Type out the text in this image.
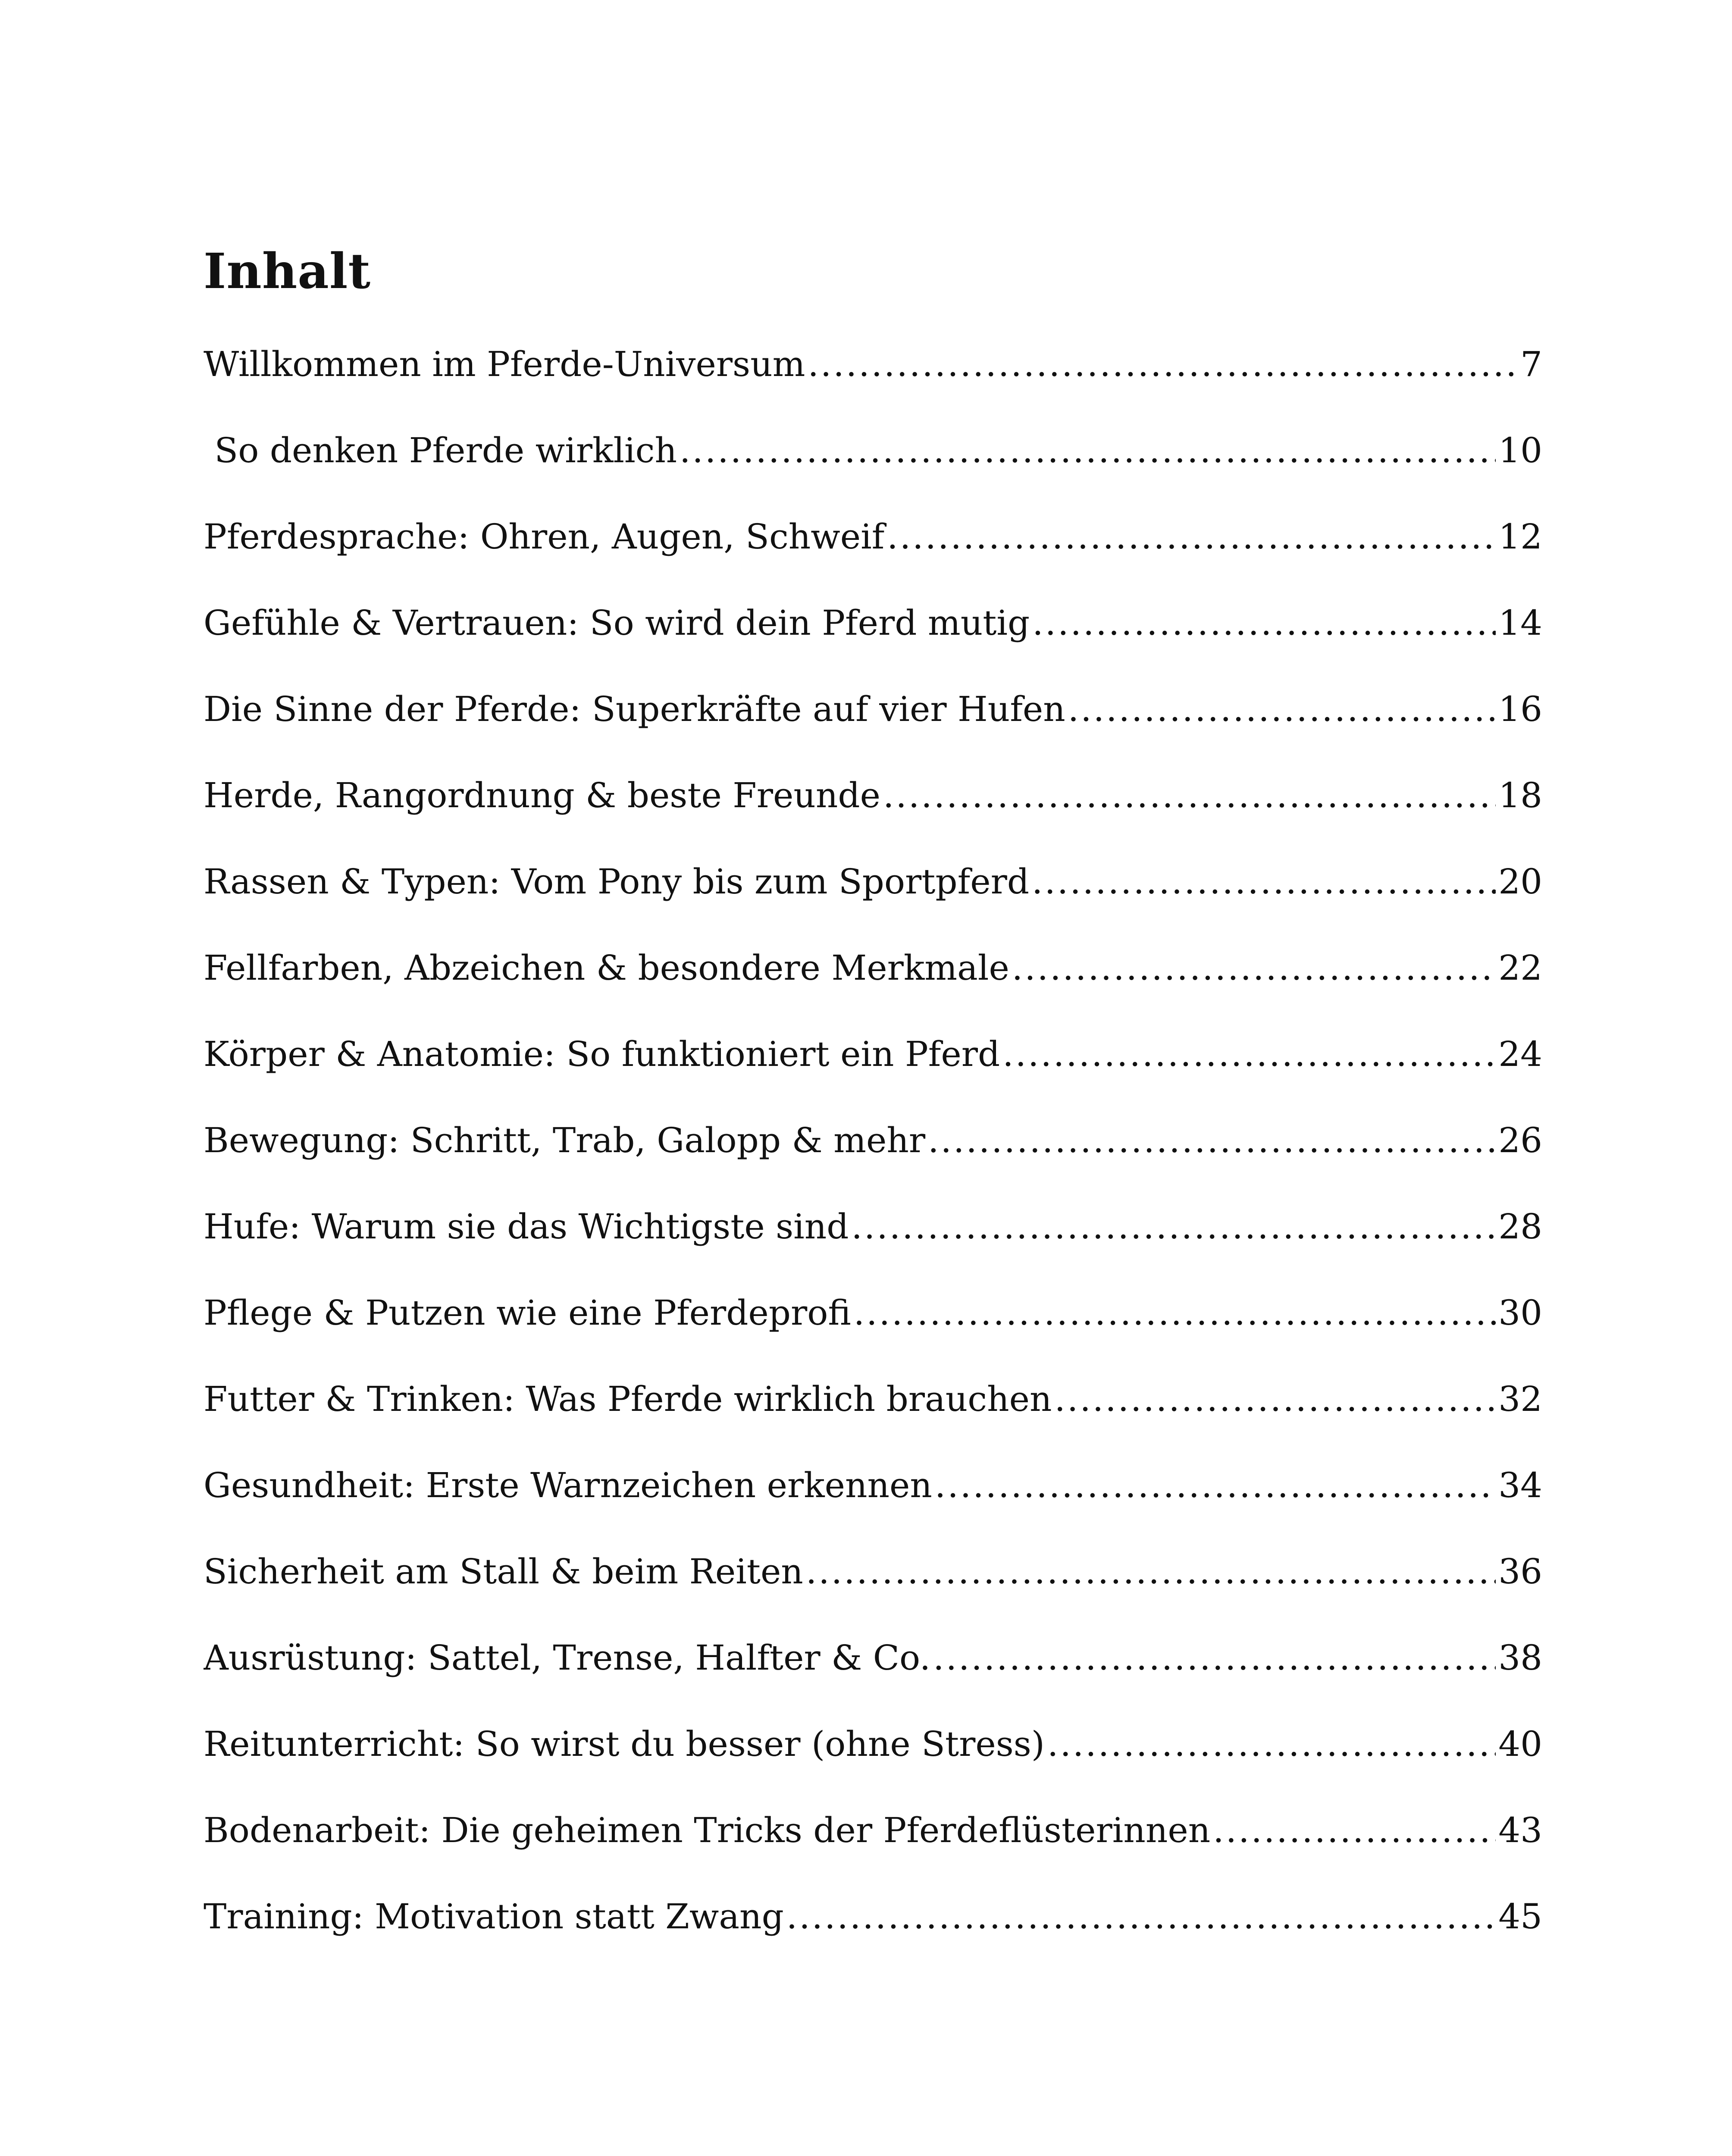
Inhalt
Willkommen im Pferde-Universum .....	7
So denken Pferde wirklich .....	10
Pferdesprache: Ohren, Augen, Schweif .....	12
Gefühle & Vertrauen: So wird dein Pferd mutig .....	14
Die Sinne der Pferde: Superkräfte auf vier Hufen .....	16
Herde, Rangordnung & beste Freunde .....	18
Rassen & Typen: Vom Pony bis zum Sportpferd .....	20
Fellfarben, Abzeichen & besondere Merkmale .....	22
Körper & Anatomie: So funktioniert ein Pferd .....	24
Bewegung: Schritt, Trab, Galopp & mehr .....	26
Hufe: Warum sie das Wichtigste sind .....	28
Pflege & Putzen wie eine Pferdeprofi .....	30
Futter & Trinken: Was Pferde wirklich brauchen .....	32
Gesundheit: Erste Warnzeichen erkennen .....	34
Sicherheit am Stall & beim Reiten .....	36
Ausrüstung: Sattel, Trense, Halfter & Co. .....	38
Reitunterricht: So wirst du besser (ohne Stress) .....	40
Bodenarbeit: Die geheimen Tricks der Pferdeflüsterinnen .....	43
Training: Motivation statt Zwang .....	45
